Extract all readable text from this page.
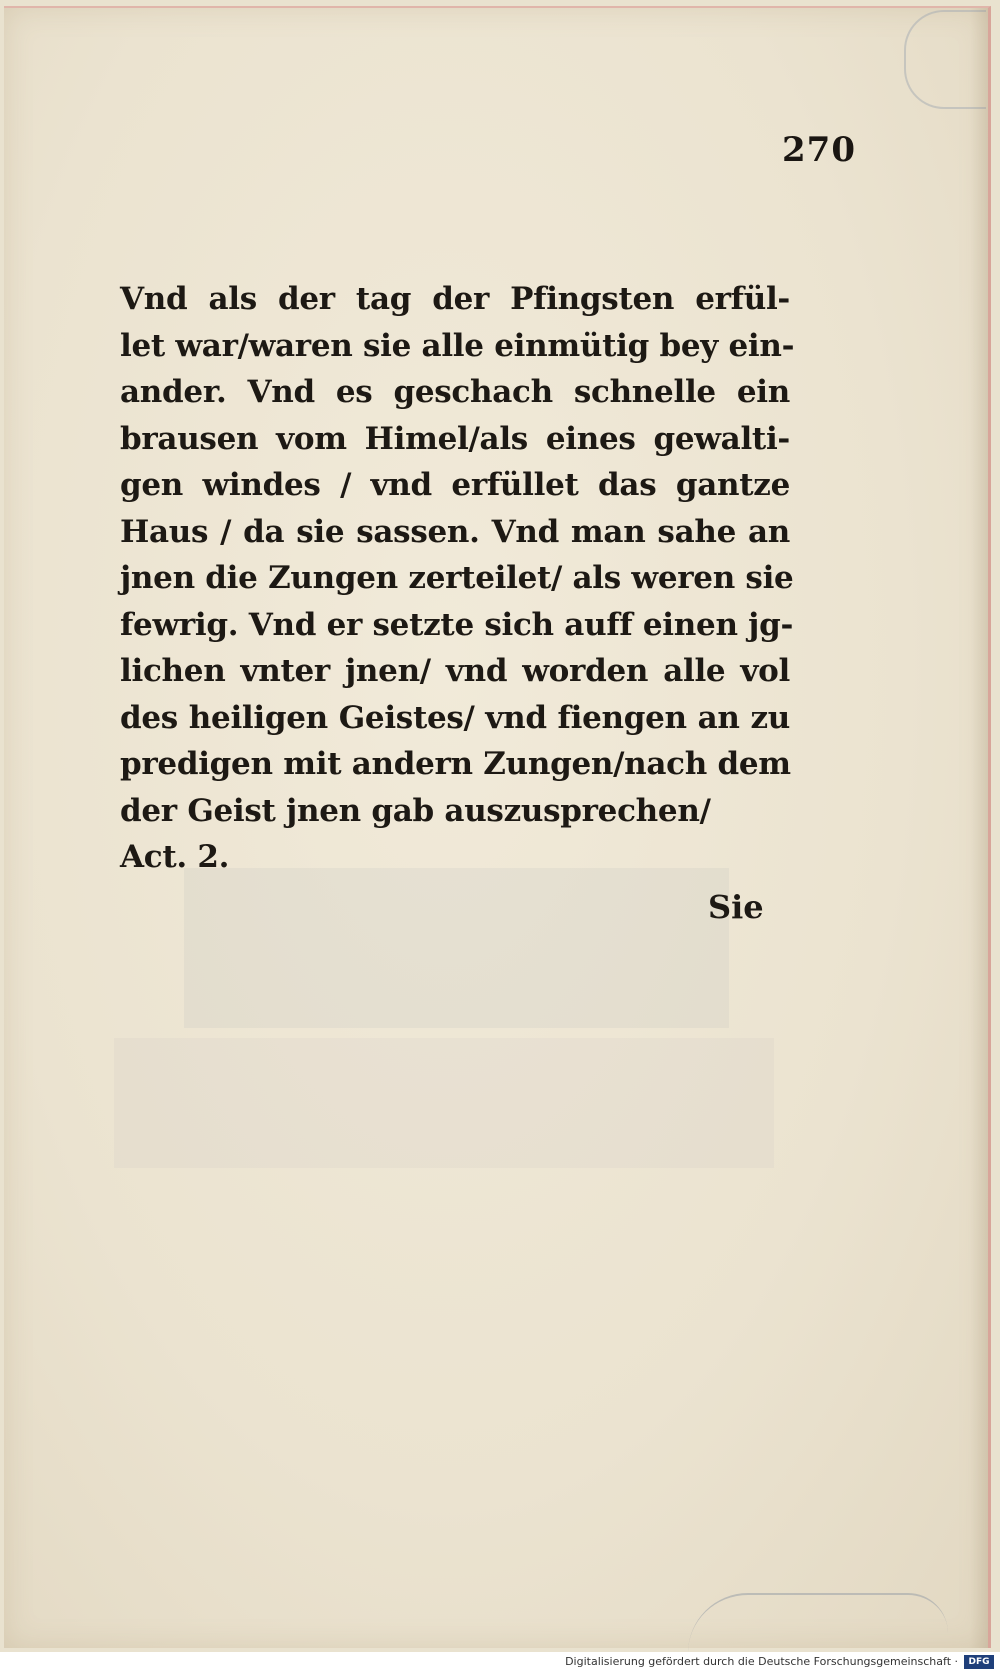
270
Vnd als der tag der Pfingsten erfül-
let war/waren sie alle einmütig bey ein-
ander. Vnd es geschach schnelle ein
brausen vom Himel/als eines gewalti-
gen windes / vnd erfüllet das gantze
Haus / da sie sassen. Vnd man sahe an
jnen die Zungen zerteilet/ als weren sie
fewrig. Vnd er setzte sich auff einen jg-
lichen vnter jnen/ vnd worden alle vol
des heiligen Geistes/ vnd fiengen an zu
predigen mit andern Zungen/nach dem
der Geist jnen gab auszusprechen/
Act. 2.
Sie
Digitalisierung gefördert durch die Deutsche Forschungsgemeinschaft ·	DFG
